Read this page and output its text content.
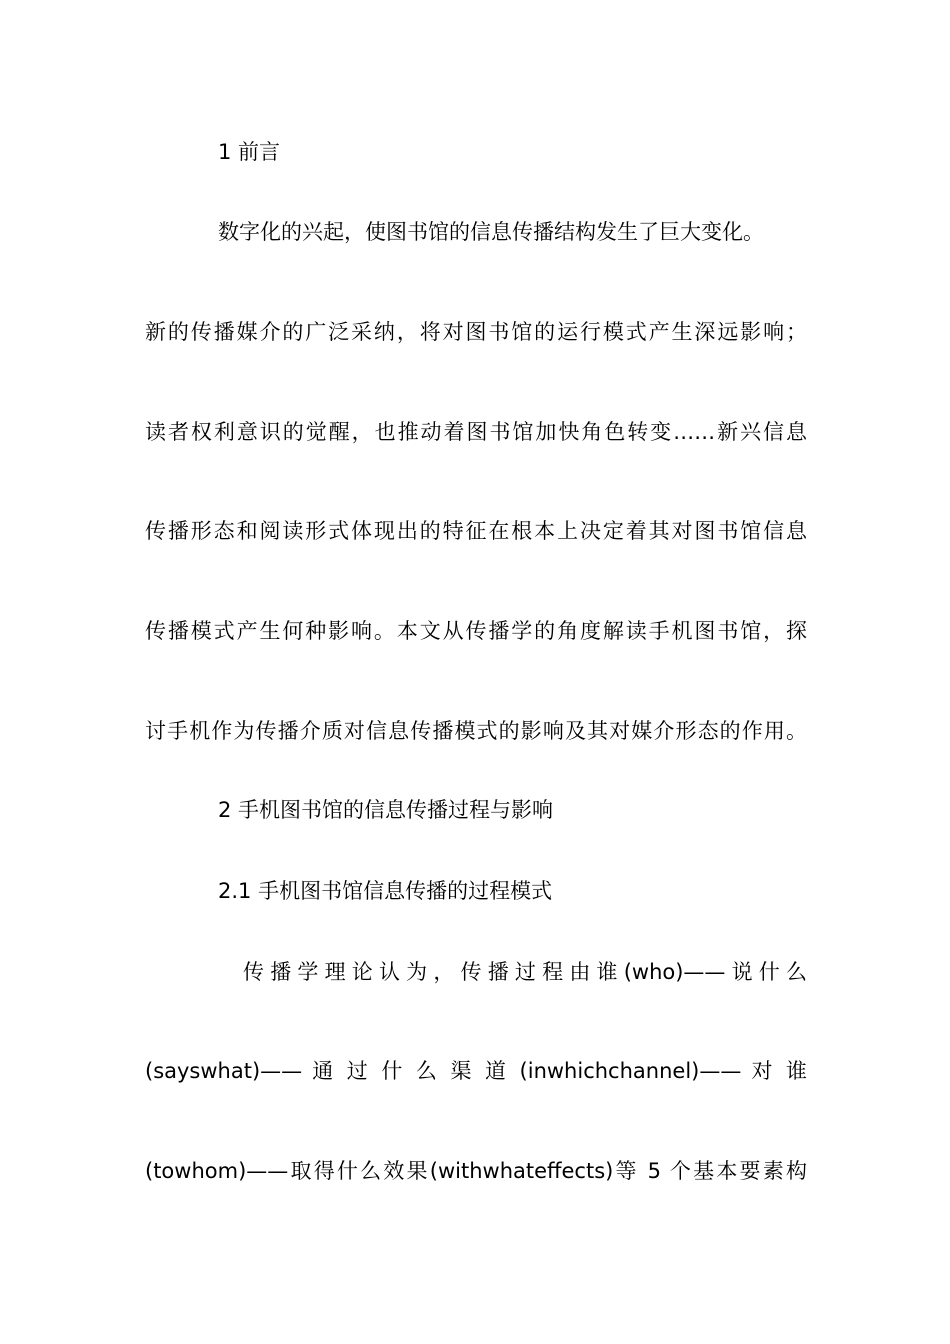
1 前言
数字化的兴起，使图书馆的信息传播结构发生了巨大变化。
新的传播媒介的广泛采纳，将对图书馆的运行模式产生深远影响；
读者权利意识的觉醒，也推动着图书馆加快角色转变……新兴信息
传播形态和阅读形式体现出的特征在根本上决定着其对图书馆信息
传播模式产生何种影响。本文从传播学的角度解读手机图书馆，探
讨手机作为传播介质对信息传播模式的影响及其对媒介形态的作用。
2 手机图书馆的信息传播过程与影响
2.1 手机图书馆信息传播的过程模式
传播学理论认为，传播过程由谁(who)——说什么
(sayswhat)—— 通 过 什 么 渠 道 (inwhichchannel)—— 对 谁
(towhom)——取得什么效果(withwhateffects)等 5 个基本要素构
